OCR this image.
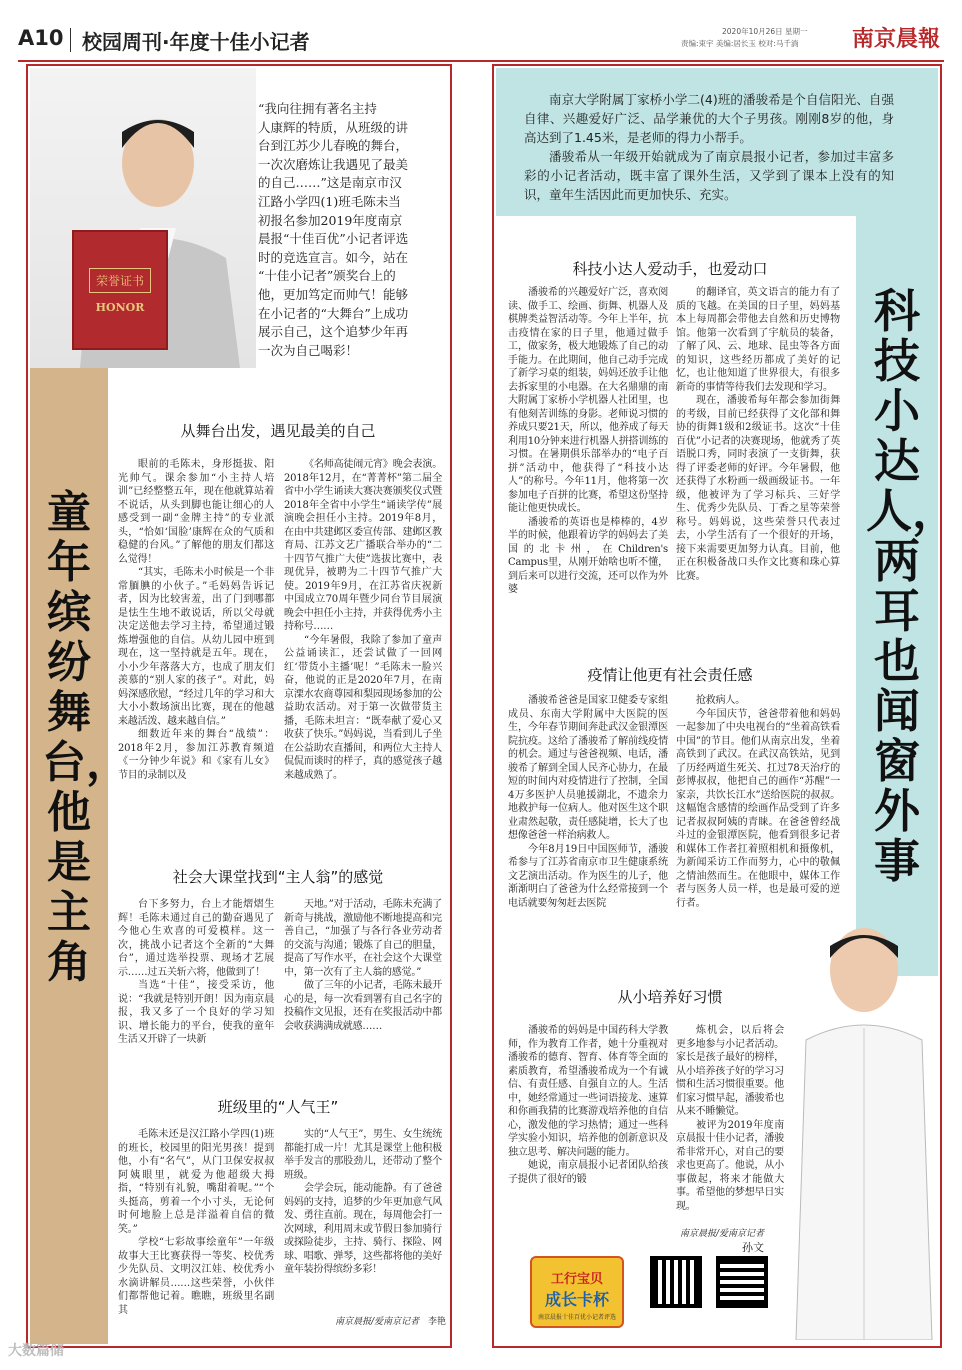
A10 校园周刊·年度十佳小记者	2020年10月26日 星期一
责编:束宇 美编:居长玉 校对:马千淌 南京晨報
荣誉证书
HONOR
“我向往拥有著名主持
人康辉的特质，从班级的讲
台到江苏少儿春晚的舞台，
一次次磨炼让我遇见了最美
的自己……”这是南京市汉
江路小学四(1)班毛陈未当
初报名参加2019年度南京
晨报“十佳百优”小记者评选
时的竞选宣言。如今，站在
“十佳小记者”颁奖台上的
他，更加笃定而帅气！能够
在小记者的“大舞台”上成功
展示自己，这个追梦少年再
一次为自己喝彩！
童年缤纷舞台，他是主角
从舞台出发，遇见最美的自己

眼前的毛陈未，身形挺拔、阳光帅气。课余参加“小主持人培训”已经整整五年，现在他就算站着不说话，从头到脚也能让细心的人感受到一副“金牌主持”的专业派头，“恰如‘国脸’康辉在众的气质和稳健的台风。”了解他的朋友们都这么觉得！

“其实，毛陈未小时候是一个非常腼腆的小伙子。”毛妈妈告诉记者，因为比较害羞，出了门到哪都是怯生生地不敢说话，所以父母就决定送他去学习主持，希望通过锻炼增强他的自信。从幼儿园中班到现在，这一坚持就是五年。现在，小小少年落落大方，也成了朋友们羡慕的“别人家的孩子”。对此，妈妈深感欣慰，“经过几年的学习和大大小小数场演出比赛，现在的他越来越活泼、越来越自信。”

细数近年来的舞台“战绩”：2018年2月，参加江苏教育频道《一分钟少年说》和《家有儿女》节目的录制以及

《名师高徒闹元宵》晚会表演。2018年12月，在“菁菁杯”第二届全省中小学生诵读大赛决赛颁奖仪式暨2018年全省中小学生“诵读学传”展演晚会担任小主持。2019年8月，在由中共建邺区委宣传部、建邺区教育局、江苏文艺广播联合举办的“二十四节气推广大使”选拔比赛中，表现优异，被聘为二十四节气推广大使。2019年9月，在江苏省庆祝新中国成立70周年暨少同台节目展演晚会中担任小主持，并获得优秀小主持称号……

“今年暑假，我除了参加了童声公益诵读汇，还尝试做了一回网红‘带货小主播’呢！”毛陈未一脸兴奋，他说的正是2020年7月，在南京溧水农商尊园和梨园现场参加的公益助农活动。对于第一次做带货主播，毛陈未坦言：“既奉献了爱心又收获了快乐。”妈妈说，当看到儿子坐在公益助农直播间，和两位大主持人侃侃而谈时的样子，真的感觉孩子越来越成熟了。

社会大课堂找到“主人翁”的感觉

台下多努力，台上才能熠熠生辉！毛陈未通过自己的勤奋遇见了今他心生欢喜的可爱模样。这一次，挑战小记者这个全新的“大舞台”，通过选举投票、现场才艺展示……过五关斩六将，他做到了！

当选“十佳”，接受采访，他说：“我就是特别开朗！因为南京晨报，我又多了一个良好的学习知识、增长能力的平台，使我的童年生活又开辟了一块新

天地。”对于活动，毛陈未充满了新奇与挑战，激励他不断地提高和完善自己，“加强了与各行各业劳动者的交流与沟通；锻炼了自己的胆量，提高了写作水平，在社会这个大课堂中，第一次有了主人翁的感觉。”

做了三年的小记者，毛陈未最开心的是，每一次看到署有自己名字的投稿作文见报，还有在奖报活动中都会收获满满成就感……

班级里的“人气王”

毛陈未还是汉江路小学四(1)班的班长，校园里的阳光男孩！提到他，小有“名气”，从门卫保安叔叔阿姨眼里，就爱为他超级大拇指，“特别有礼貌，嘴甜着呢。”“个头挺高，剪着一个小寸头，无论何时何地脸上总是洋溢着自信的微笑。”

学校“七彩故事绘童年”一年级故事大王比赛获得一等奖、校优秀少先队员、文明汉江娃、校优秀小水滴讲解员……这些荣誉，小伙伴们都帮他记着。瞧瞧，班级里名副其

实的“人气王”，男生、女生统统都能打成一片！尤其是课堂上他积极举手发言的那股劲儿，还带动了整个班级。

会学会玩，能动能静。有了爸爸妈妈的支持，追梦的少年更加意气风发、勇往直前。现在，每周他会打一次网球，利用周末或节假日参加骑行或探险徒步，主持、骑行、探险、网球、唱歌、弹琴，这些都将他的美好童年装扮得缤纷多彩！

南京晨报/爱南京记者 李艳
科技小达人，两耳也闻窗外事

南京大学附属丁家桥小学二(4)班的潘骏希是个自信阳光、自强自律、兴趣爱好广泛、品学兼优的大个子男孩。刚刚8岁的他，身高达到了1.45米，是老师的得力小帮手。

潘骏希从一年级开始就成为了南京晨报小记者，参加过丰富多彩的小记者活动，既丰富了课外生活，又学到了课本上没有的知识，童年生活因此而更加快乐、充实。

科技小达人爱动手，也爱动口

潘骏希的兴趣爱好广泛，喜欢阅读、做手工、绘画、街舞、机器人及棋牌类益智活动等。今年上半年，抗击疫情在家的日子里，他通过做手工，做家务，极大地锻炼了自己的动手能力。在此期间，他自己动手完成了新学习桌的组装，妈妈还放手让他去拆家里的小电器。在大名鼎鼎的南大附属丁家桥小学机器人社团里，也有他刻苦训练的身影。老师说习惯的养成只要21天，所以，他养成了每天利用10分钟来进行机器人拼搭训练的习惯。在暑期俱乐部举办的“电子百拼”活动中，他获得了“科技小达人”的称号。今年11月，他将第一次参加电子百拼的比赛，希望这份坚持能让他更快成长。

潘骏希的英语也是棒棒的，4岁半的时候，他跟着访学的妈妈去了美国的北卡州，在Children's Campus里，从刚开始啥也听不懂，到后来可以进行交流，还可以作为外婆

的翻译官，英文语言的能力有了质的飞越。在美国的日子里，妈妈基本上每周都会带他去自然和历史博物馆。他第一次看到了宇航员的装备，了解了风、云、地球、昆虫等各方面的知识，这些经历都成了美好的记忆，也让他知道了世界很大，有很多新奇的事情等待我们去发现和学习。

现在，潘骏希每年都会参加街舞的考级，目前已经获得了文化部和舞协的街舞1级和2级证书。这次“十佳百优”小记者的决赛现场，他就秀了英语脱口秀，同时表演了一支街舞，获得了评委老师的好评。今年暑假，他还获得了水粉画一级画级证书。一年级，他被评为了学习标兵、三好学生、优秀少先队员、丁香之星等荣誉称号。妈妈说，这些荣誉只代表过去，小学生活有了一个很好的开场，接下来需要更加努力认真。目前，他正在积极备战口头作文比赛和珠心算比赛。

疫情让他更有社会责任感

潘骏希爸爸是国家卫健委专家组成员、东南大学附属中大医院的医生，今年春节期间奔赴武汉金银潭医院抗疫。这给了潘骏希了解前线疫情的机会。通过与爸爸视频、电话，潘骏希了解到全国人民齐心协力，在最短的时间内对疫情进行了控制，全国4万多医护人员驰援湖北，不遗余力地救护每一位病人。他对医生这个职业肃然起敬，责任感陡增，长大了也想像爸爸一样治病救人。

今年8月19日中国医师节，潘骏希参与了江苏省南京市卫生健康系统文艺演出活动。作为医生的儿子，他渐渐明白了爸爸为什么经常接到一个电话就要匆匆赶去医院

抢救病人。

今年国庆节，爸爸带着他和妈妈一起参加了中央电视台的“坐着高铁看中国”的节目。他们从南京出发，坐着高铁到了武汉。在武汉高铁站，见到了历经两道生死关、扛过78天治疗的彭博叔叔，他把自己的画作“苏醒”一家亲，共饮长江水”送给医院的叔叔。这幅饱含感情的绘画作品受到了许多记者叔叔阿姨的青睐。在爸爸曾经战斗过的金银潭医院，他看到很多记者和媒体工作者扛着照相机和摄像机，为新闻采访工作而努力，心中的敬佩之情油然而生。在他眼中，媒体工作者与医务人员一样，也是最可爱的逆行者。

从小培养好习惯

潘骏希的妈妈是中国药科大学教师，作为教育工作者，她十分重视对潘骏希的德育、智育、体育等全面的素质教育，希望潘骏希成为一个有诚信、有责任感、自强自立的人。生活中，她经常通过一些词语接龙、速算和你画我猜的比赛游戏培养他的自信心，激发他的学习热情；通过一些科学实验小知识，培养他的创新意识及独立思考、解决问题的能力。

她说，南京晨报小记者团队给孩子提供了很好的锻

炼机会，以后将会更多地参与小记者活动。家长是孩子最好的榜样，从小培养孩子好的学习习惯和生活习惯很重要。他们家习惯早起，潘骏希也从来不睡懒觉。

被评为2019年度南京晨报十佳小记者，潘骏希非常开心，对自己的要求也更高了。他说，从小事做起，将来才能做大事。希望他的梦想早日实现。

南京晨报/爱南京记者
孙文
工行宝贝
成长卡杯
南京晨报十佳百优小记者评选
大数篇储
